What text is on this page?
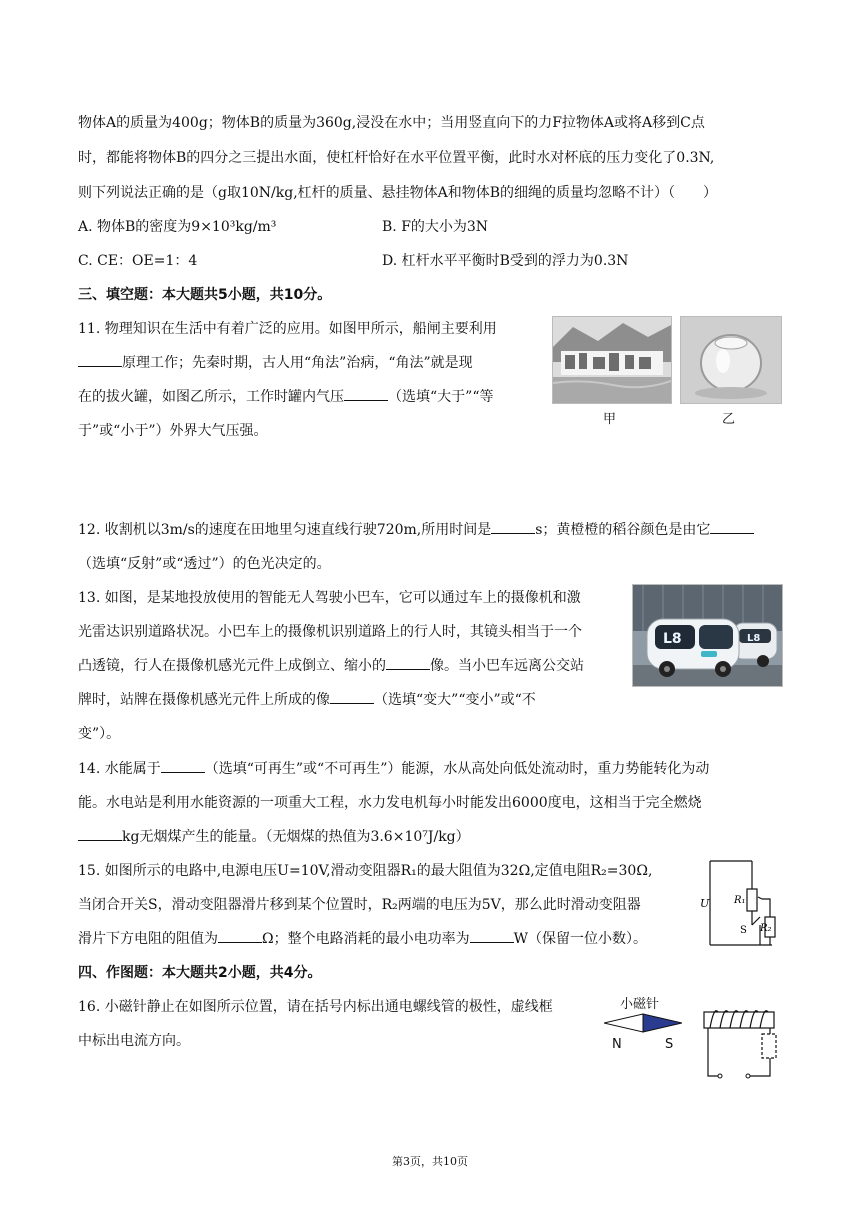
物体A的质量为400g；物体B的质量为360g,浸没在水中；当用竖直向下的力F拉物体A或将A移到C点
时，都能将物体B的四分之三提出水面，使杠杆恰好在水平位置平衡，此时水对杯底的压力变化了0.3N,
则下列说法正确的是（g取10N/kg,杠杆的质量、悬挂物体A和物体B的细绳的质量均忽略不计）（　　）
A. 物体B的密度为9×10³kg/m³	B. F的大小为3N
C. CE：OE=1：4	D. 杠杆水平平衡时B受到的浮力为0.3N
三、填空题：本大题共5小题，共10分。
11. 物理知识在生活中有着广泛的应用。如图甲所示，船闸主要利用
原理工作；先秦时期，古人用“角法”治病，“角法”就是现
在的拔火罐，如图乙所示，工作时罐内气压	（选填“大于”“等
于”或“小于”）外界大气压强。
甲	乙
12. 收割机以3m/s的速度在田地里匀速直线行驶720m,所用时间是	s；黄橙橙的稻谷颜色是由它
（选填“反射”或“透过”）的色光决定的。
13. 如图，是某地投放使用的智能无人驾驶小巴车，它可以通过车上的摄像机和激
光雷达识别道路状况。小巴车上的摄像机识别道路上的行人时，其镜头相当于一个
凸透镜，行人在摄像机感光元件上成倒立、缩小的	像。当小巴车远离公交站
牌时，站牌在摄像机感光元件上所成的像	（选填“变大”“变小”或“不
变”）。
L8	L8
14. 水能属于	（选填“可再生”或“不可再生”）能源，水从高处向低处流动时，重力势能转化为动
能。水电站是利用水能资源的一项重大工程，水力发电机每小时能发出6000度电，这相当于完全燃烧
kg无烟煤产生的能量。（无烟煤的热值为3.6×10⁷J/kg）
15. 如图所示的电路中,电源电压U=10V,滑动变阻器R₁的最大阻值为32Ω,定值电阻R₂=30Ω,
当闭合开关S，滑动变阻器滑片移到某个位置时，R₂两端的电压为5V，那么此时滑动变阻器
滑片下方电阻的阻值为	Ω；整个电路消耗的最小电功率为	W（保留一位小数）。
U R₁
S R₂
四、作图题：本大题共2小题，共4分。
16. 小磁针静止在如图所示位置，请在括号内标出通电螺线管的极性，虚线框
中标出电流方向。
小磁针
N	S
第3页，共10页
